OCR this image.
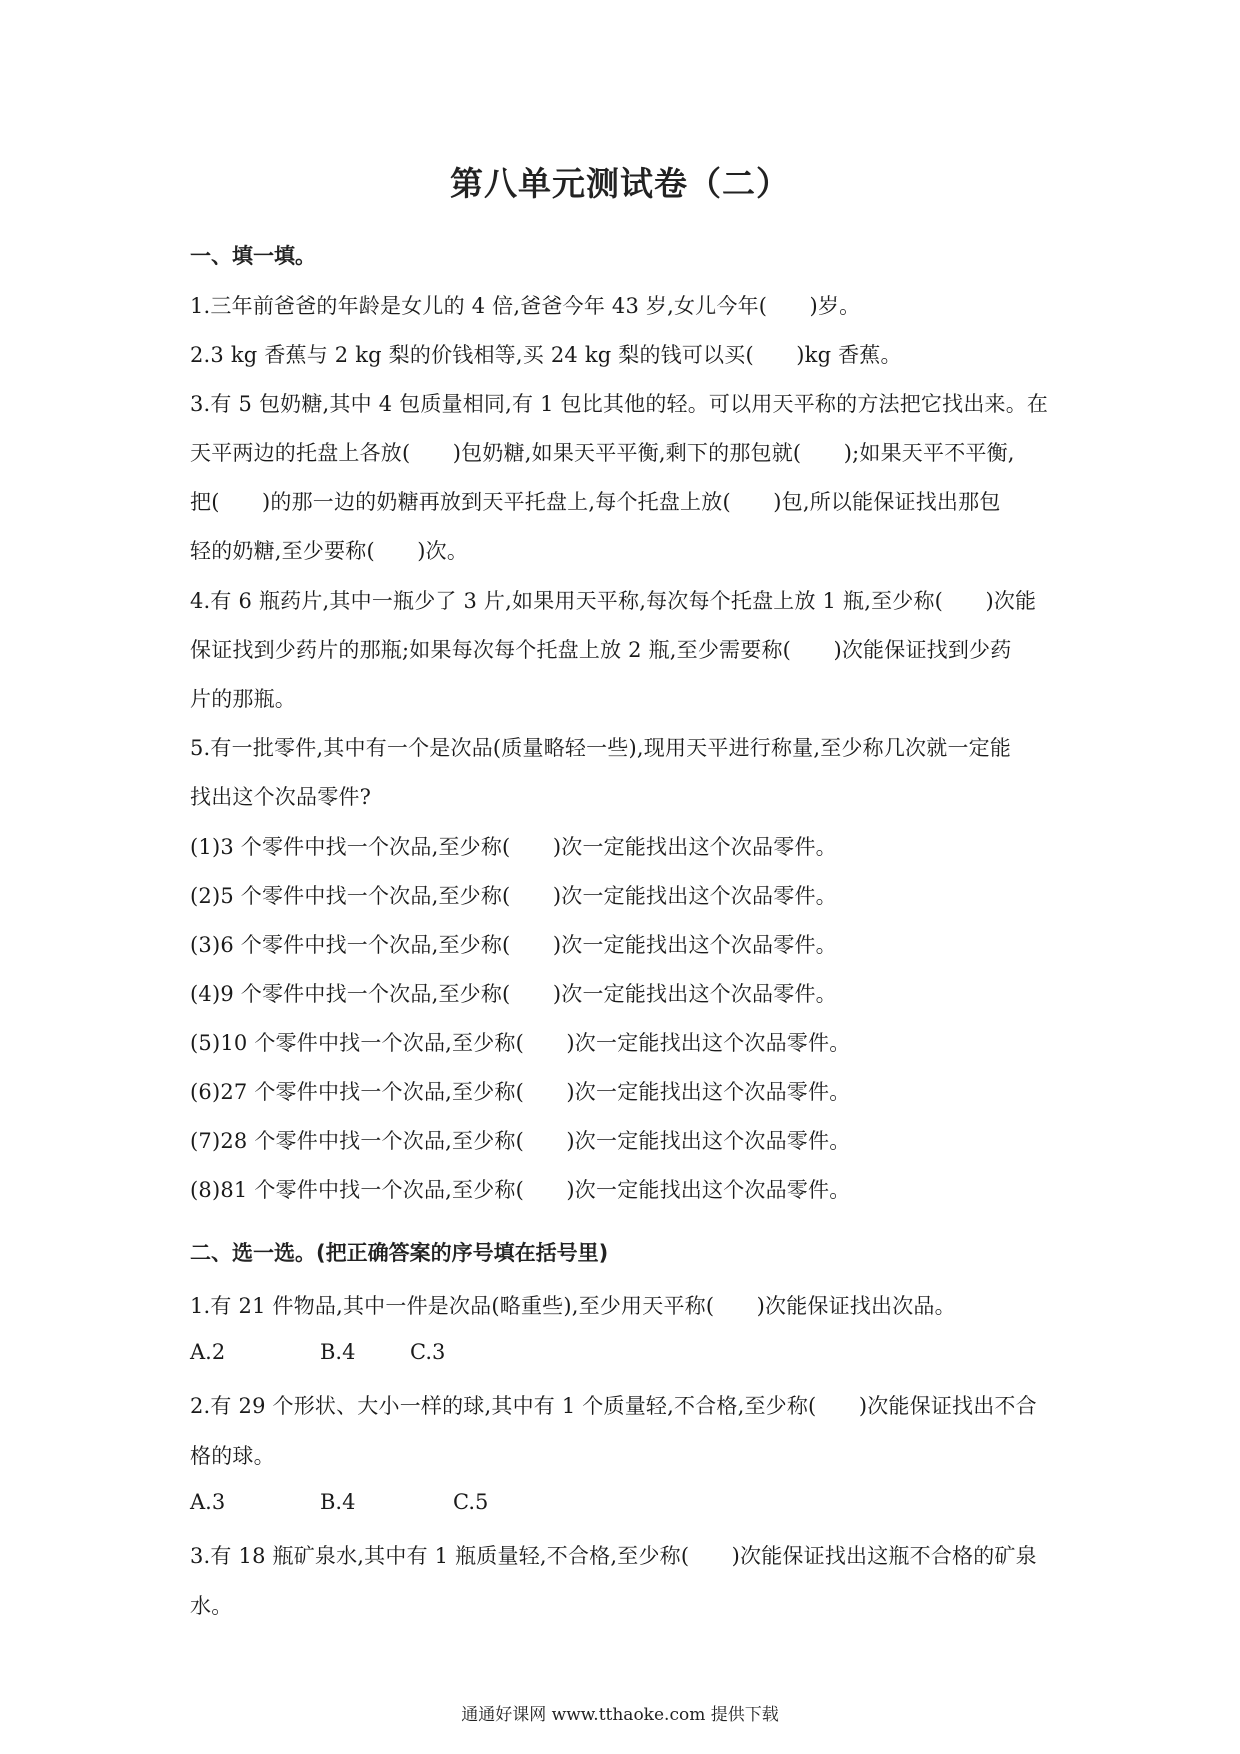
第八单元测试卷（二）
一、填一填。
1.三年前爸爸的年龄是女儿的 4 倍,爸爸今年 43 岁,女儿今年(　　)岁。
2.3 kg 香蕉与 2 kg 梨的价钱相等,买 24 kg 梨的钱可以买(　　)kg 香蕉。
3.有 5 包奶糖,其中 4 包质量相同,有 1 包比其他的轻。可以用天平称的方法把它找出来。在
天平两边的托盘上各放(　　)包奶糖,如果天平平衡,剩下的那包就(　　);如果天平不平衡,
把(　　)的那一边的奶糖再放到天平托盘上,每个托盘上放(　　)包,所以能保证找出那包
轻的奶糖,至少要称(　　)次。
4.有 6 瓶药片,其中一瓶少了 3 片,如果用天平称,每次每个托盘上放 1 瓶,至少称(　　)次能
保证找到少药片的那瓶;如果每次每个托盘上放 2 瓶,至少需要称(　　)次能保证找到少药
片的那瓶。
5.有一批零件,其中有一个是次品(质量略轻一些),现用天平进行称量,至少称几次就一定能
找出这个次品零件?
(1)3 个零件中找一个次品,至少称(　　)次一定能找出这个次品零件。
(2)5 个零件中找一个次品,至少称(　　)次一定能找出这个次品零件。
(3)6 个零件中找一个次品,至少称(　　)次一定能找出这个次品零件。
(4)9 个零件中找一个次品,至少称(　　)次一定能找出这个次品零件。
(5)10 个零件中找一个次品,至少称(　　)次一定能找出这个次品零件。
(6)27 个零件中找一个次品,至少称(　　)次一定能找出这个次品零件。
(7)28 个零件中找一个次品,至少称(　　)次一定能找出这个次品零件。
(8)81 个零件中找一个次品,至少称(　　)次一定能找出这个次品零件。
二、选一选。(把正确答案的序号填在括号里)
1.有 21 件物品,其中一件是次品(略重些),至少用天平称(　　)次能保证找出次品。
A.2	B.4	C.3
2.有 29 个形状、大小一样的球,其中有 1 个质量轻,不合格,至少称(　　)次能保证找出不合
格的球。
A.3	B.4	C.5
3.有 18 瓶矿泉水,其中有 1 瓶质量轻,不合格,至少称(　　)次能保证找出这瓶不合格的矿泉
水。
通通好课网 www.tthaoke.com 提供下载
